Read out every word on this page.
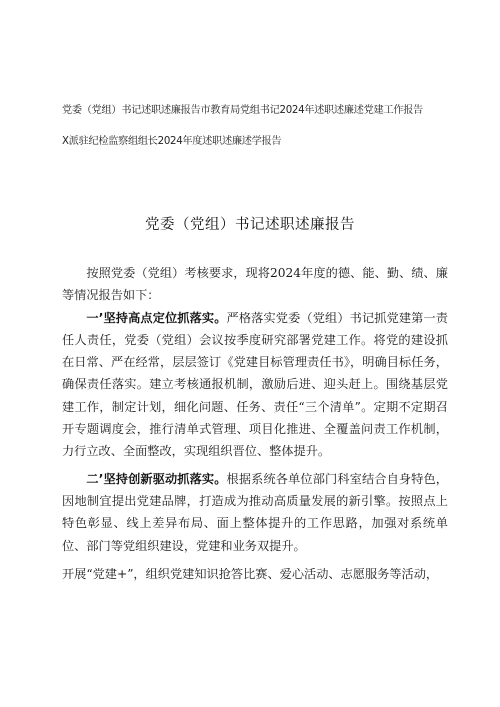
党委（党组）书记述职述廉报告市教育局党组书记2024年述职述廉述党建工作报告
X派驻纪检监察组组长2024年度述职述廉述学报告
党委（党组）书记述职述廉报告

按照党委（党组）考核要求，现将2024年度的德、能、勤、绩、廉等情况报告如下：

一’坚持高点定位抓落实。严格落实党委（党组）书记抓党建第一责任人责任，党委（党组）会议按季度研究部署党建工作。将党的建设抓在日常、严在经常，层层签订《党建目标管理责任书》，明确目标任务，确保责任落实。建立考核通报机制，激励后进、迎头赶上。围绕基层党建工作，制定计划，细化问题、任务、责任“三个清单”。定期不定期召开专题调度会，推行清单式管理、项目化推进、全覆盖问责工作机制，力行立改、全面整改，实现组织晋位、整体提升。

二’坚持创新驱动抓落实。根据系统各单位部门科室结合自身特色，因地制宜提出党建品牌，打造成为推动高质量发展的新引擎。按照点上特色彰显、线上差异布局、面上整体提升的工作思路，加强对系统单位、部门等党组织建设，党建和业务双提升。

开展“党建+”，组织党建知识抢答比赛、爱心活动、志愿服务等活动，
